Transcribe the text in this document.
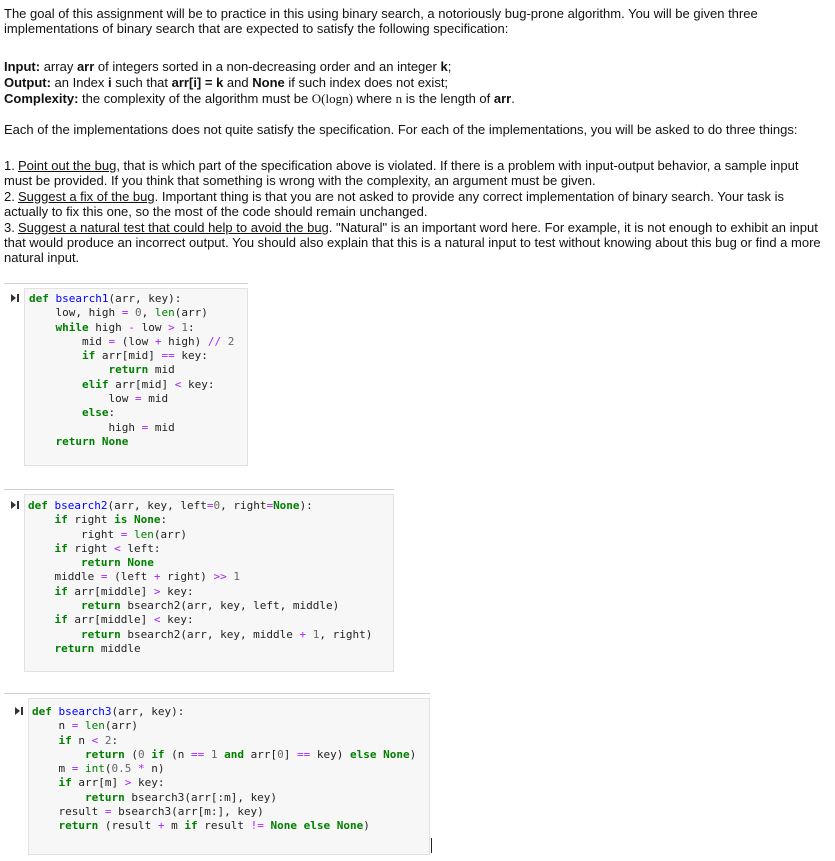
The goal of this assignment will be to practice in this using binary search, a notoriously bug-prone algorithm. You will be given three implementations of binary search that are expected to satisfy the following specification:
Input: array arr of integers sorted in a non-decreasing order and an integer k;
Output: an Index i such that arr[i] = k and None if such index does not exist;
Complexity: the complexity of the algorithm must be O(logn) where n is the length of arr.
Each of the implementations does not quite satisfy the specification. For each of the implementations, you will be asked to do three things:
1. Point out the bug, that is which part of the specification above is violated. If there is a problem with input-output behavior, a sample input must be provided. If you think that something is wrong with the complexity, an argument must be given.
2. Suggest a fix of the bug. Important thing is that you are not asked to provide any correct implementation of binary search. Your task is actually to fix this one, so the most of the code should remain unchanged.
3. Suggest a natural test that could help to avoid the bug. "Natural" is an important word here. For example, it is not enough to exhibit an input that would produce an incorrect output. You should also explain that this is a natural input to test without knowing about this bug or find a more natural input.
def bsearch1(arr, key):
low, high = 0, len(arr)
while high - low > 1:
mid = (low + high) // 2
if arr[mid] == key:
return mid
elif arr[mid] < key:
low = mid
else:
high = mid
return None
def bsearch2(arr, key, left=0, right=None):
if right is None:
right = len(arr)
if right < left:
return None
middle = (left + right) >> 1
if arr[middle] > key:
return bsearch2(arr, key, left, middle)
if arr[middle] < key:
return bsearch2(arr, key, middle + 1, right)
return middle
def bsearch3(arr, key):
n = len(arr)
if n < 2:
return (0 if (n == 1 and arr[0] == key) else None)
m = int(0.5 * n)
if arr[m] > key:
return bsearch3(arr[:m], key)
result = bsearch3(arr[m:], key)
return (result + m if result != None else None)
